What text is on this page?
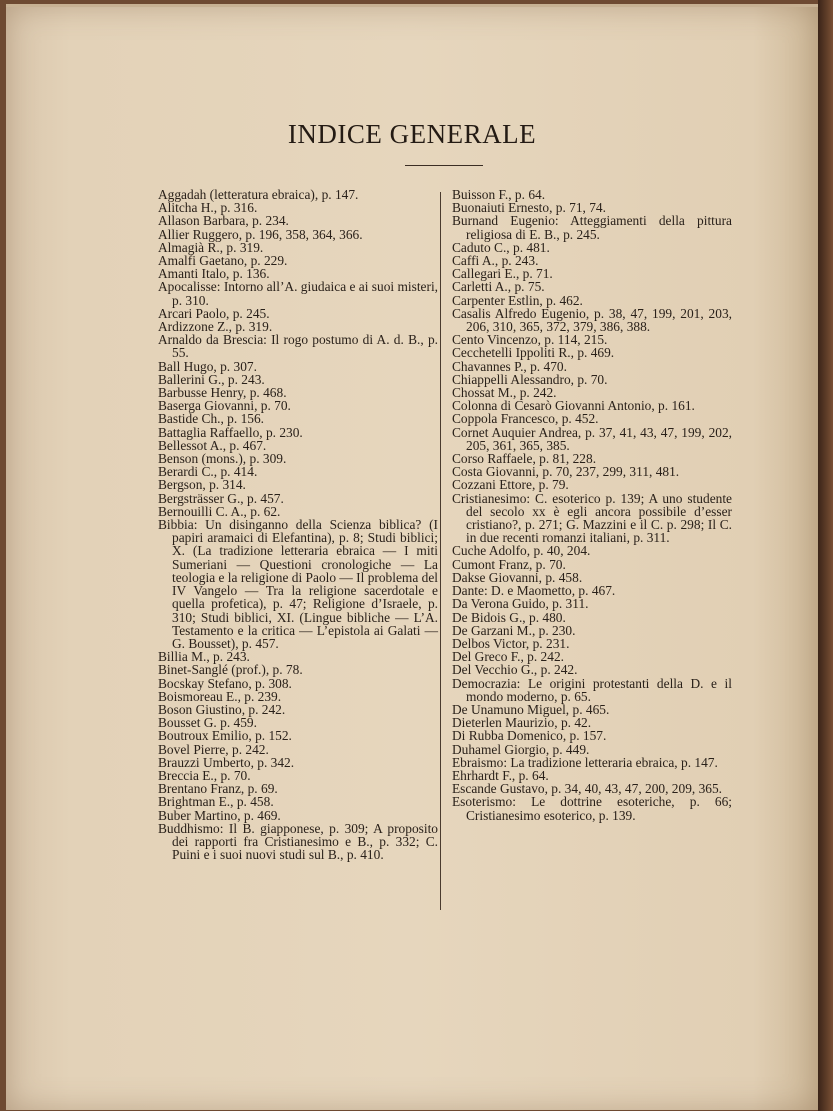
INDICE GENERALE
Aggadah (letteratura ebraica), p. 147.
Alitcha H., p. 316.
Allason Barbara, p. 234.
Allier Ruggero, p. 196, 358, 364, 366.
Almagià R., p. 319.
Amalfi Gaetano, p. 229.
Amanti Italo, p. 136.
Apocalisse: Intorno all’A. giudaica e ai suoi misteri, p. 310.
Arcari Paolo, p. 245.
Ardizzone Z., p. 319.
Arnaldo da Brescia: Il rogo postumo di A. d. B., p. 55.
Ball Hugo, p. 307.
Ballerini G., p. 243.
Barbusse Henry, p. 468.
Baserga Giovanni, p. 70.
Bastide Ch., p. 156.
Battaglia Raffaello, p. 230.
Bellessot A., p. 467.
Benson (mons.), p. 309.
Berardi C., p. 414.
Bergson, p. 314.
Bergsträsser G., p. 457.
Bernouilli C. A., p. 62.
Bibbia: Un disinganno della Scienza biblica? (I papiri aramaici di Elefantina), p. 8; Studi biblici; X. (La tradizione letteraria ebraica — I miti Sumeriani — Questioni cronologiche — La teologia e la religione di Paolo — Il problema del IV Vangelo — Tra la religione sacerdotale e quella profetica), p. 47; Religione d’Israele, p. 310; Studi biblici, XI. (Lingue bibliche — L’A. Testamento e la critica — L’epistola ai Galati — G. Bousset), p. 457.
Billia M., p. 243.
Binet-Sanglé (prof.), p. 78.
Bocskay Stefano, p. 308.
Boismoreau E., p. 239.
Boson Giustino, p. 242.
Bousset G. p. 459.
Boutroux Emilio, p. 152.
Bovel Pierre, p. 242.
Brauzzi Umberto, p. 342.
Breccia E., p. 70.
Brentano Franz, p. 69.
Brightman E., p. 458.
Buber Martino, p. 469.
Buddhismo: Il B. giapponese, p. 309; A proposito dei rapporti fra Cristianesimo e B., p. 332; C. Puini e i suoi nuovi studi sul B., p. 410.
Buisson F., p. 64.
Buonaiuti Ernesto, p. 71, 74.
Burnand Eugenio: Atteggiamenti della pittura religiosa di E. B., p. 245.
Caduto C., p. 481.
Caffi A., p. 243.
Callegari E., p. 71.
Carletti A., p. 75.
Carpenter Estlin, p. 462.
Casalis Alfredo Eugenio, p. 38, 47, 199, 201, 203, 206, 310, 365, 372, 379, 386, 388.
Cento Vincenzo, p. 114, 215.
Cecchetelli Ippoliti R., p. 469.
Chavannes P., p. 470.
Chiappelli Alessandro, p. 70.
Chossat M., p. 242.
Colonna di Cesarò Giovanni Antonio, p. 161.
Coppola Francesco, p. 452.
Cornet Auquier Andrea, p. 37, 41, 43, 47, 199, 202, 205, 361, 365, 385.
Corso Raffaele, p. 81, 228.
Costa Giovanni, p. 70, 237, 299, 311, 481.
Cozzani Ettore, p. 79.
Cristianesimo: C. esoterico p. 139; A uno studente del secolo xx è egli ancora possibile d’esser cristiano?, p. 271; G. Mazzini e il C. p. 298; Il C. in due recenti romanzi italiani, p. 311.
Cuche Adolfo, p. 40, 204.
Cumont Franz, p. 70.
Dakse Giovanni, p. 458.
Dante: D. e Maometto, p. 467.
Da Verona Guido, p. 311.
De Bidois G., p. 480.
De Garzani M., p. 230.
Delbos Victor, p. 231.
Del Greco F., p. 242.
Del Vecchio G., p. 242.
Democrazia: Le origini protestanti della D. e il mondo moderno, p. 65.
De Unamuno Miguel, p. 465.
Dieterlen Maurizio, p. 42.
Di Rubba Domenico, p. 157.
Duhamel Giorgio, p. 449.
Ebraismo: La tradizione letteraria ebraica, p. 147.
Ehrhardt F., p. 64.
Escande Gustavo, p. 34, 40, 43, 47, 200, 209, 365.
Esoterismo: Le dottrine esoteriche, p. 66; Cristianesimo esoterico, p. 139.
